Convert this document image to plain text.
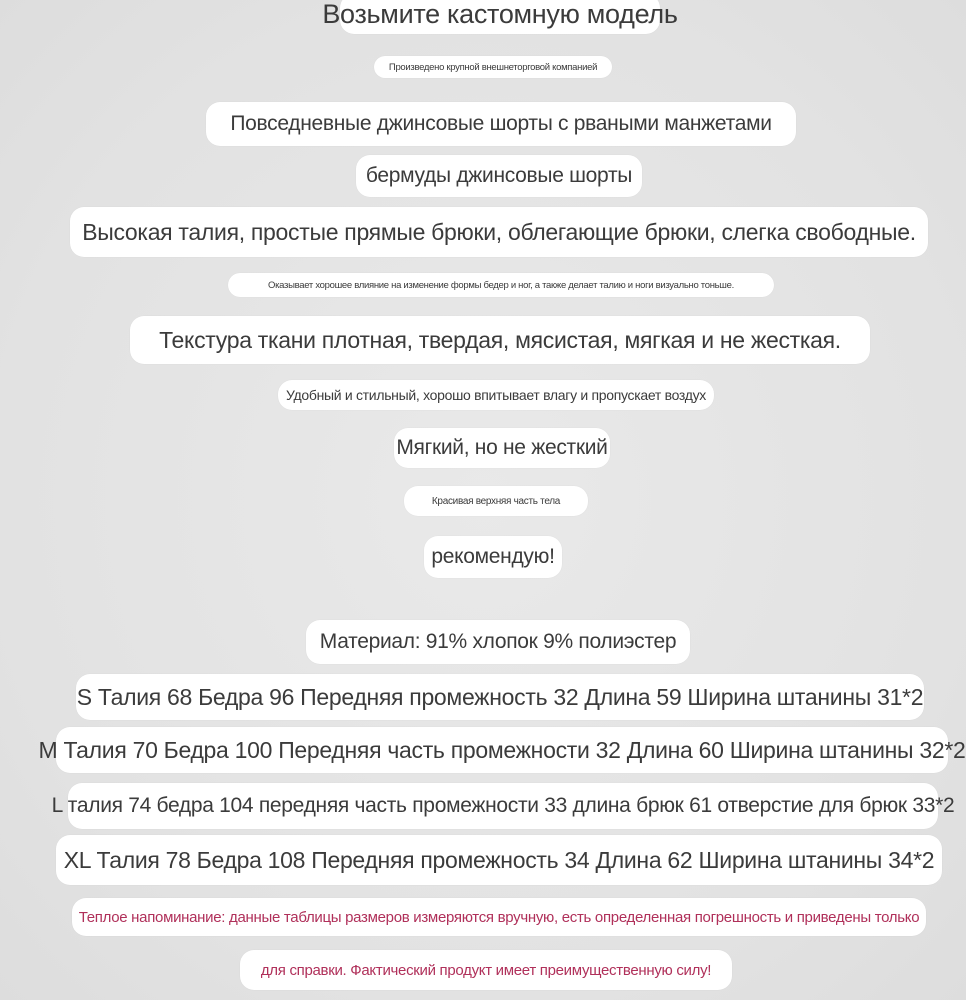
Возьмите кастомную модель
Произведено крупной внешнеторговой компанией
Повседневные джинсовые шорты с рваными манжетами
бермуды джинсовые шорты
Высокая талия, простые прямые брюки, облегающие брюки, слегка свободные.
Оказывает хорошее влияние на изменение формы бедер и ног, а также делает талию и ноги визуально тоньше.
Текстура ткани плотная, твердая, мясистая, мягкая и не жесткая.
Удобный и стильный, хорошо впитывает влагу и пропускает воздух
Мягкий, но не жесткий
Красивая верхняя часть тела
рекомендую!
Материал: 91% хлопок 9% полиэстер
S Талия 68 Бедра 96 Передняя промежность 32 Длина 59 Ширина штанины 31*2
M Талия 70 Бедра 100 Передняя часть промежности 32 Длина 60 Ширина штанины 32*2
L талия 74 бедра 104 передняя часть промежности 33 длина брюк 61 отверстие для брюк 33*2
XL Талия 78 Бедра 108 Передняя промежность 34 Длина 62 Ширина штанины 34*2
Теплое напоминание: данные таблицы размеров измеряются вручную, есть определенная погрешность и приведены только
для справки. Фактический продукт имеет преимущественную силу!
